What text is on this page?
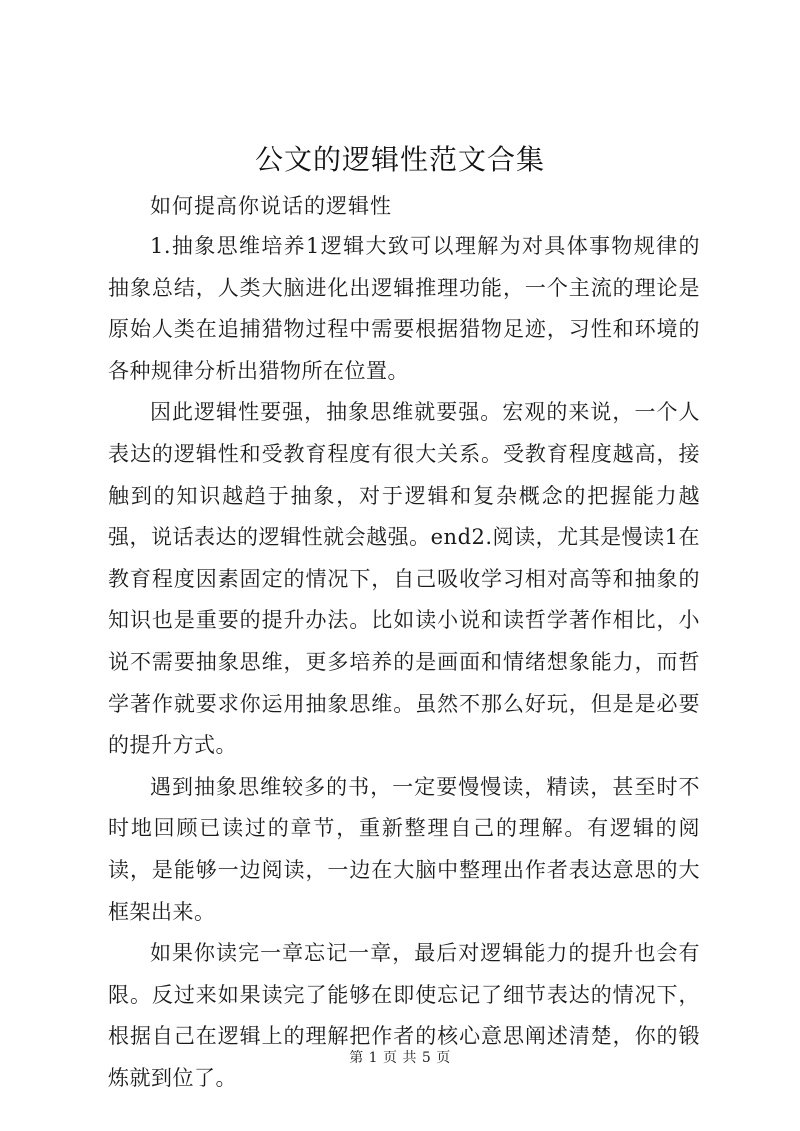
公文的逻辑性范文合集
如何提高你说话的逻辑性

1.抽象思维培养1逻辑大致可以理解为对具体事物规律的抽象总结，人类大脑进化出逻辑推理功能，一个主流的理论是原始人类在追捕猎物过程中需要根据猎物足迹，习性和环境的各种规律分析出猎物所在位置。

因此逻辑性要强，抽象思维就要强。宏观的来说，一个人表达的逻辑性和受教育程度有很大关系。受教育程度越高，接触到的知识越趋于抽象，对于逻辑和复杂概念的把握能力越强，说话表达的逻辑性就会越强。end2.阅读，尤其是慢读1在教育程度因素固定的情况下，自己吸收学习相对高等和抽象的知识也是重要的提升办法。比如读小说和读哲学著作相比，小说不需要抽象思维，更多培养的是画面和情绪想象能力，而哲学著作就要求你运用抽象思维。虽然不那么好玩，但是是必要的提升方式。

遇到抽象思维较多的书，一定要慢慢读，精读，甚至时不时地回顾已读过的章节，重新整理自己的理解。有逻辑的阅读，是能够一边阅读，一边在大脑中整理出作者表达意思的大框架出来。

如果你读完一章忘记一章，最后对逻辑能力的提升也会有限。反过来如果读完了能够在即使忘记了细节表达的情况下，根据自己在逻辑上的理解把作者的核心意思阐述清楚，你的锻炼就到位了。

第 1 页 共 5 页
